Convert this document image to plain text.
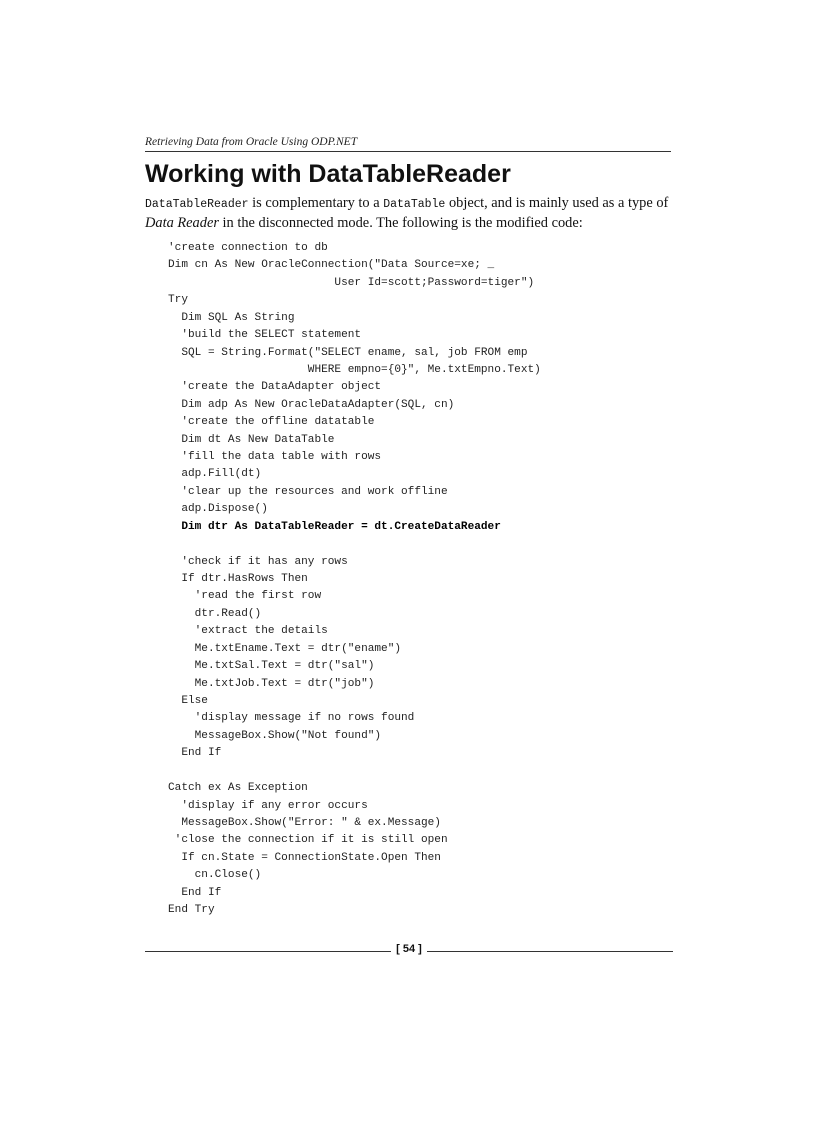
Retrieving Data from Oracle Using ODP.NET
Working with DataTableReader

DataTableReader is complementary to a DataTable object, and is mainly used as a type of Data Reader in the disconnected mode. The following is the modified code:

'create connection to db
Dim cn As New OracleConnection("Data Source=xe; _
User Id=scott;Password=tiger")
Try
Dim SQL As String
'build the SELECT statement
SQL = String.Format("SELECT ename, sal, job FROM emp
WHERE empno={0}", Me.txtEmpno.Text)
'create the DataAdapter object
Dim adp As New OracleDataAdapter(SQL, cn)
'create the offline datatable
Dim dt As New DataTable
'fill the data table with rows
adp.Fill(dt)
'clear up the resources and work offline
adp.Dispose()
Dim dtr As DataTableReader = dt.CreateDataReader

'check if it has any rows
If dtr.HasRows Then
'read the first row
dtr.Read()
'extract the details
Me.txtEname.Text = dtr("ename")
Me.txtSal.Text = dtr("sal")
Me.txtJob.Text = dtr("job")
Else
'display message if no rows found
MessageBox.Show("Not found")
End If

Catch ex As Exception
'display if any error occurs
MessageBox.Show("Error: " & ex.Message)
'close the connection if it is still open
If cn.State = ConnectionState.Open Then
cn.Close()
End If
End Try
[ 54 ]
